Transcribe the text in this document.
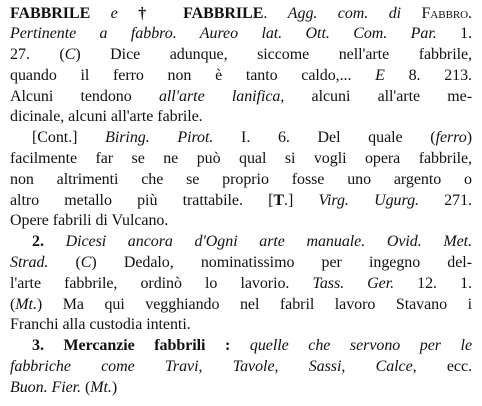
FABBRILE e † FABBRILE. Agg. com. di Fabbro.
Pertinente a fabbro. Aureo lat. Ott. Com. Par. 1.
27. (C) Dice adunque, siccome nell'arte fabbrile,
quando il ferro non è tanto caldo,... E 8. 213.
Alcuni tendono all'arte lanifica, alcuni all'arte me-
dicinale, alcuni all'arte fabrile.
[Cont.] Biring. Pirot. I. 6. Del quale (ferro)
facilmente far se ne può qual si vogli opera fabbrile,
non altrimenti che se proprio fosse uno argento o
altro metallo più trattabile. [T.] Virg. Ugurg. 271.
Opere fabrili di Vulcano.
2. Dicesi ancora d'Ogni arte manuale. Ovid. Met.
Strad. (C) Dedalo, nominatissimo per ingegno del-
l'arte fabbrile, ordinò lo lavorio. Tass. Ger. 12. 1.
(Mt.) Ma qui vegghiando nel fabril lavoro Stavano i
Franchi alla custodia intenti.
3. Mercanzie fabbrili : quelle che servono per le
fabbriche come Travi, Tavole, Sassi, Calce, ecc.
Buon. Fier. (Mt.)
